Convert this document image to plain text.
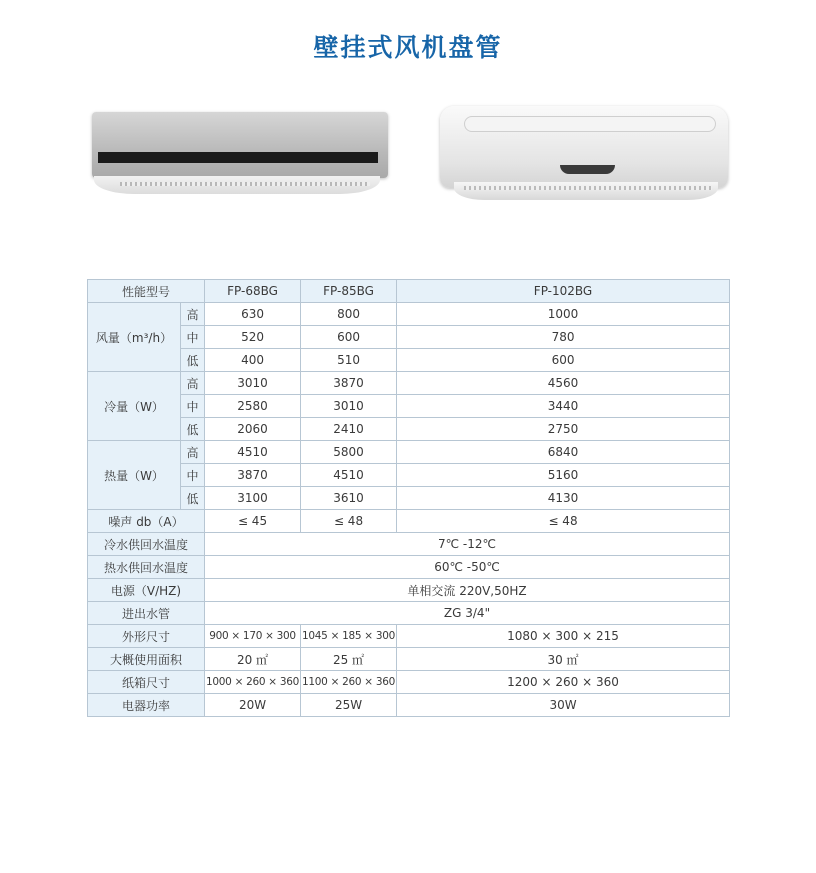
壁挂式风机盘管
性能型号		FP-68BG	FP-85BG	FP-102BG
风量（m³/h）	高	630	800	1000
	中	520	600	780
	低	400	510	600
冷量（W）	高	3010	3870	4560
	中	2580	3010	3440
	低	2060	2410	2750
热量（W）	高	4510	5800	6840
	中	3870	4510	5160
	低	3100	3610	4130
噪声 db（A）		≤ 45	≤ 48	≤ 48
冷水供回水温度		7℃ -12℃		
热水供回水温度		60℃ -50℃		
电源（V/HZ)		单相交流 220V,50HZ		
进出水管		ZG 3/4"		
外形尺寸		900 × 170 × 300	1045 × 185 × 300	1080 × 300 × 215
大概使用面积		20 ㎡	25 ㎡	30 ㎡
纸箱尺寸		1000 × 260 × 360	1100 × 260 × 360	1200 × 260 × 360
电器功率		20W	25W	30W
